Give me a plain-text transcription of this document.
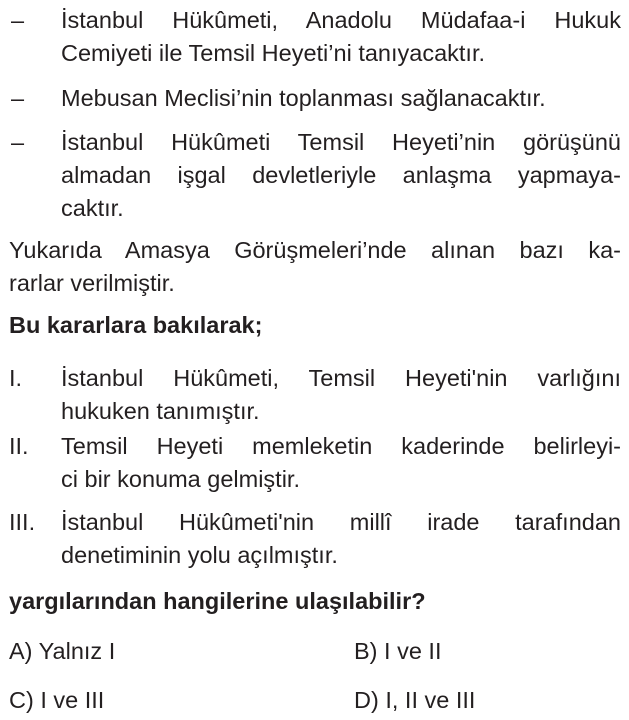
– İstanbul Hükûmeti, Anadolu Müdafaa-i Hukuk
Cemiyeti ile Temsil Heyeti’ni tanıyacaktır.
– Mebusan Meclisi’nin toplanması sağlanacaktır.
– İstanbul Hükûmeti Temsil Heyeti’nin görüşünü
almadan işgal devletleriyle anlaşma yapmaya-
caktır.
Yukarıda Amasya Görüşmeleri’nde alınan bazı ka-
rarlar verilmiştir.
Bu kararlara bakılarak;
I. İstanbul Hükûmeti, Temsil Heyeti'nin varlığını
hukuken tanımıştır.
II. Temsil Heyeti memleketin kaderinde belirleyi-
ci bir konuma gelmiştir.
III. İstanbul Hükûmeti'nin millî irade tarafından
denetiminin yolu açılmıştır.
yargılarından hangilerine ulaşılabilir?
A) Yalnız I	B) I ve II
C) I ve III	D) I, II ve III
